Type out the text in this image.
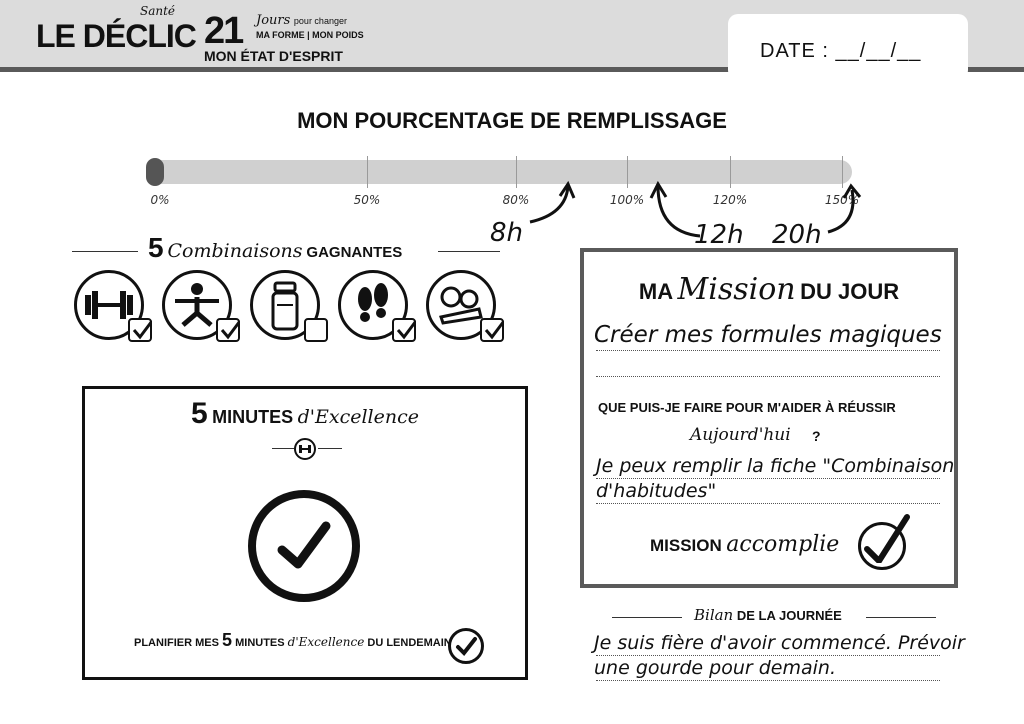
LE DÉCLIC
Santé 21 Jours pour changer
MA FORME | MON POIDS
MON ÉTAT D'ESPRIT	DATE : __/__/__
MON POURCENTAGE DE REMPLISSAGE
0%	50%	80%	100%	120%	150%
8h	12h 20h
5 Combinaisons GAGNANTES
5 MINUTES d'Excellence
PLANIFIER MES 5 MINUTES d'Excellence DU LENDEMAIN
MA Mission DU JOUR
Créer mes formules magiques
QUE PUIS-JE FAIRE POUR M'AIDER À RÉUSSIR
Aujourd'hui ?
Je peux remplir la fiche "Combinaison
d'habitudes"
MISSION accomplie
Bilan DE LA JOURNÉE
Je suis fière d'avoir commencé. Prévoir
une gourde pour demain.
